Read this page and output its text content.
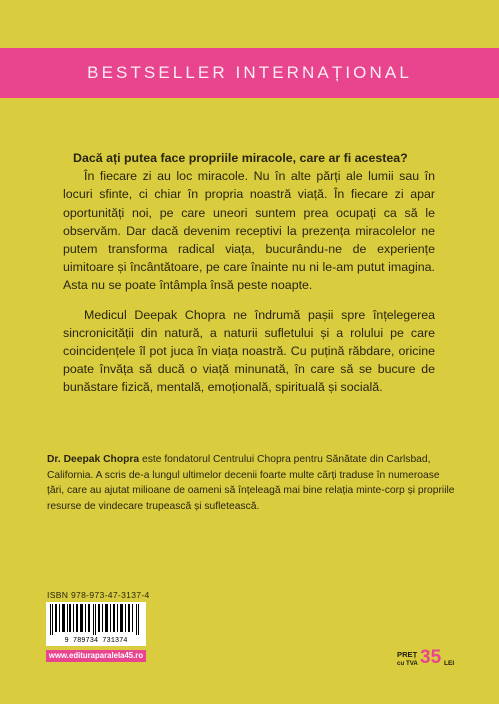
BESTSELLER INTERNAȚIONAL

Dacă ați putea face propriile miracole, care ar fi acestea?

În fiecare zi au loc miracole. Nu în alte părți ale lumii sau în locuri sfinte, ci chiar în propria noastră viață. În fiecare zi apar oportunități noi, pe care uneori suntem prea ocupați ca să le observăm. Dar dacă devenim receptivi la prezența miracolelor ne putem transforma radical viața, bucurându-ne de experiențe uimitoare și încântătoare, pe care înainte nu ni le-am putut imagina. Asta nu se poate întâmpla însă peste noapte.

Medicul Deepak Chopra ne îndrumă pașii spre înțelegerea sincronicității din natură, a naturii sufletului și a rolului pe care coincidențele îl pot juca în viața noastră. Cu puțină răbdare, oricine poate învăța să ducă o viață minunată, în care să se bucure de bunăstare fizică, mentală, emoțională, spirituală și socială.

Dr. Deepak Chopra este fondatorul Centrului Chopra pentru Sănătate din Carlsbad, California. A scris de-a lungul ultimelor decenii foarte multe cărți traduse în numeroase țări, care au ajutat milioane de oameni să înțeleagă mai bine relația minte-corp și propriile resurse de vindecare trupească și sufletească.
ISBN 978-973-47-3137-4
9 789734 731374
www.edituraparalela45.ro	PREȚ
cu TVA 35 LEI
